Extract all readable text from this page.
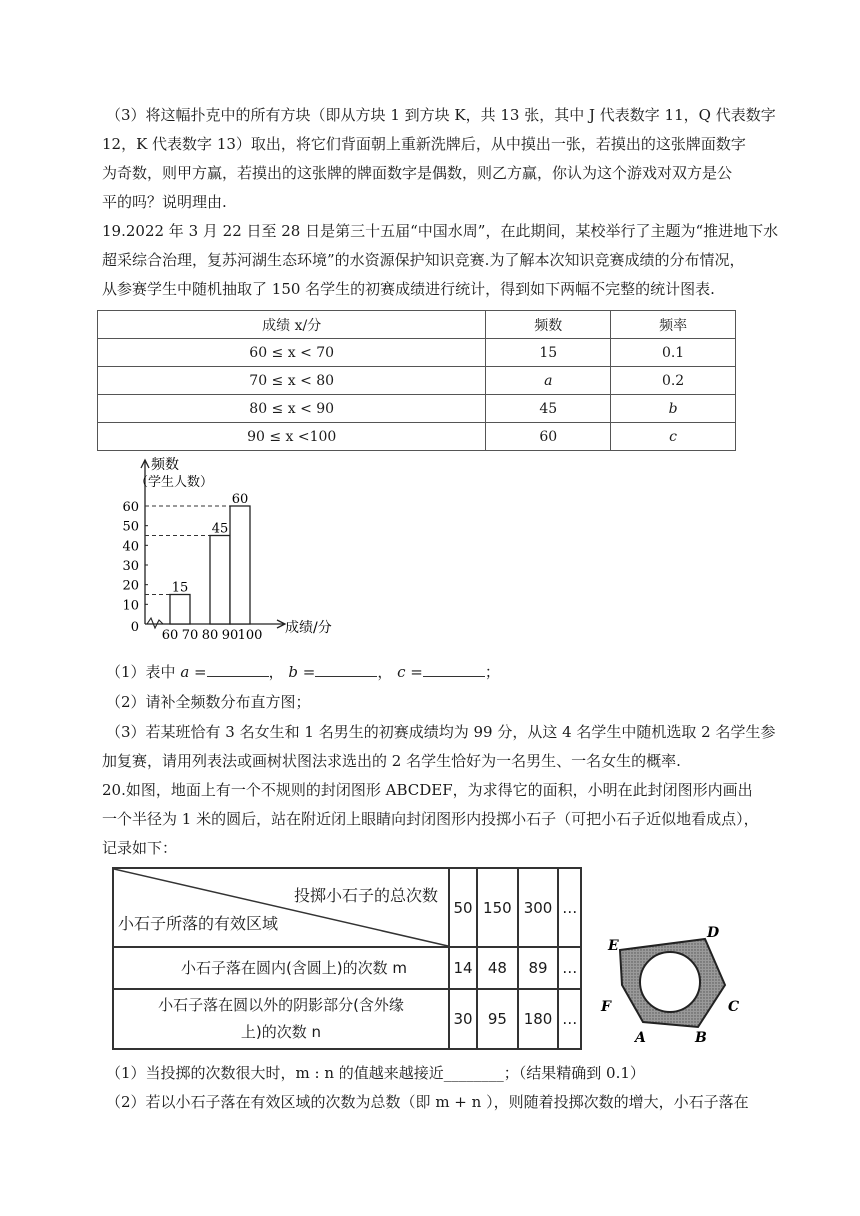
（3）将这幅扑克中的所有方块（即从方块 1 到方块 K，共 13 张，其中 J 代表数字 11，Q 代表数字
12，K 代表数字 13）取出，将它们背面朝上重新洗牌后，从中摸出一张，若摸出的这张牌面数字
为奇数，则甲方赢，若摸出的这张牌的牌面数字是偶数，则乙方赢，你认为这个游戏对双方是公
平的吗？说明理由.
19.2022 年 3 月 22 日至 28 日是第三十五届“中国水周”，在此期间，某校举行了主题为“推进地下水
超采综合治理，复苏河湖生态环境”的水资源保护知识竞赛.为了解本次知识竞赛成绩的分布情况，
从参赛学生中随机抽取了 150 名学生的初赛成绩进行统计，得到如下两幅不完整的统计图表.
成绩 x/分	频数	频率
60 ≤ x < 70	15	0.1
70 ≤ x < 80	a	0.2
80 ≤ x < 90	45	b
90 ≤ x <100	60	c
频数
（学生人数）
0
10
20
30
40
50
60
15
45
60
60 70 80 90 100 成绩/分
（1）表中 a =	， b =	， c =	；
（2）请补全频数分布直方图；
（3）若某班恰有 3 名女生和 1 名男生的初赛成绩均为 99 分，从这 4 名学生中随机选取 2 名学生参
加复赛，请用列表法或画树状图法求选出的 2 名学生恰好为一名男生、一名女生的概率.
20.如图，地面上有一个不规则的封闭图形 ABCDEF，为求得它的面积，小明在此封闭图形内画出
一个半径为 1 米的圆后，站在附近闭上眼睛向封闭图形内投掷小石子（可把小石子近似地看成点），
记录如下：
投掷小石子的总次数
小石子所落的有效区域	50	150	300	…
小石子落在圆内(含圆上)的次数 m	14	48	89	…

小石子落在圆以外的阴影部分(含外缘
上)的次数 n	30	95	180	…
E
D
F	C
A	B
（1）当投掷的次数很大时，m : n 的值越来越接近________；（结果精确到 0.1）
（2）若以小石子落在有效区域的次数为总数（即 m + n ），则随着投掷次数的增大，小石子落在
